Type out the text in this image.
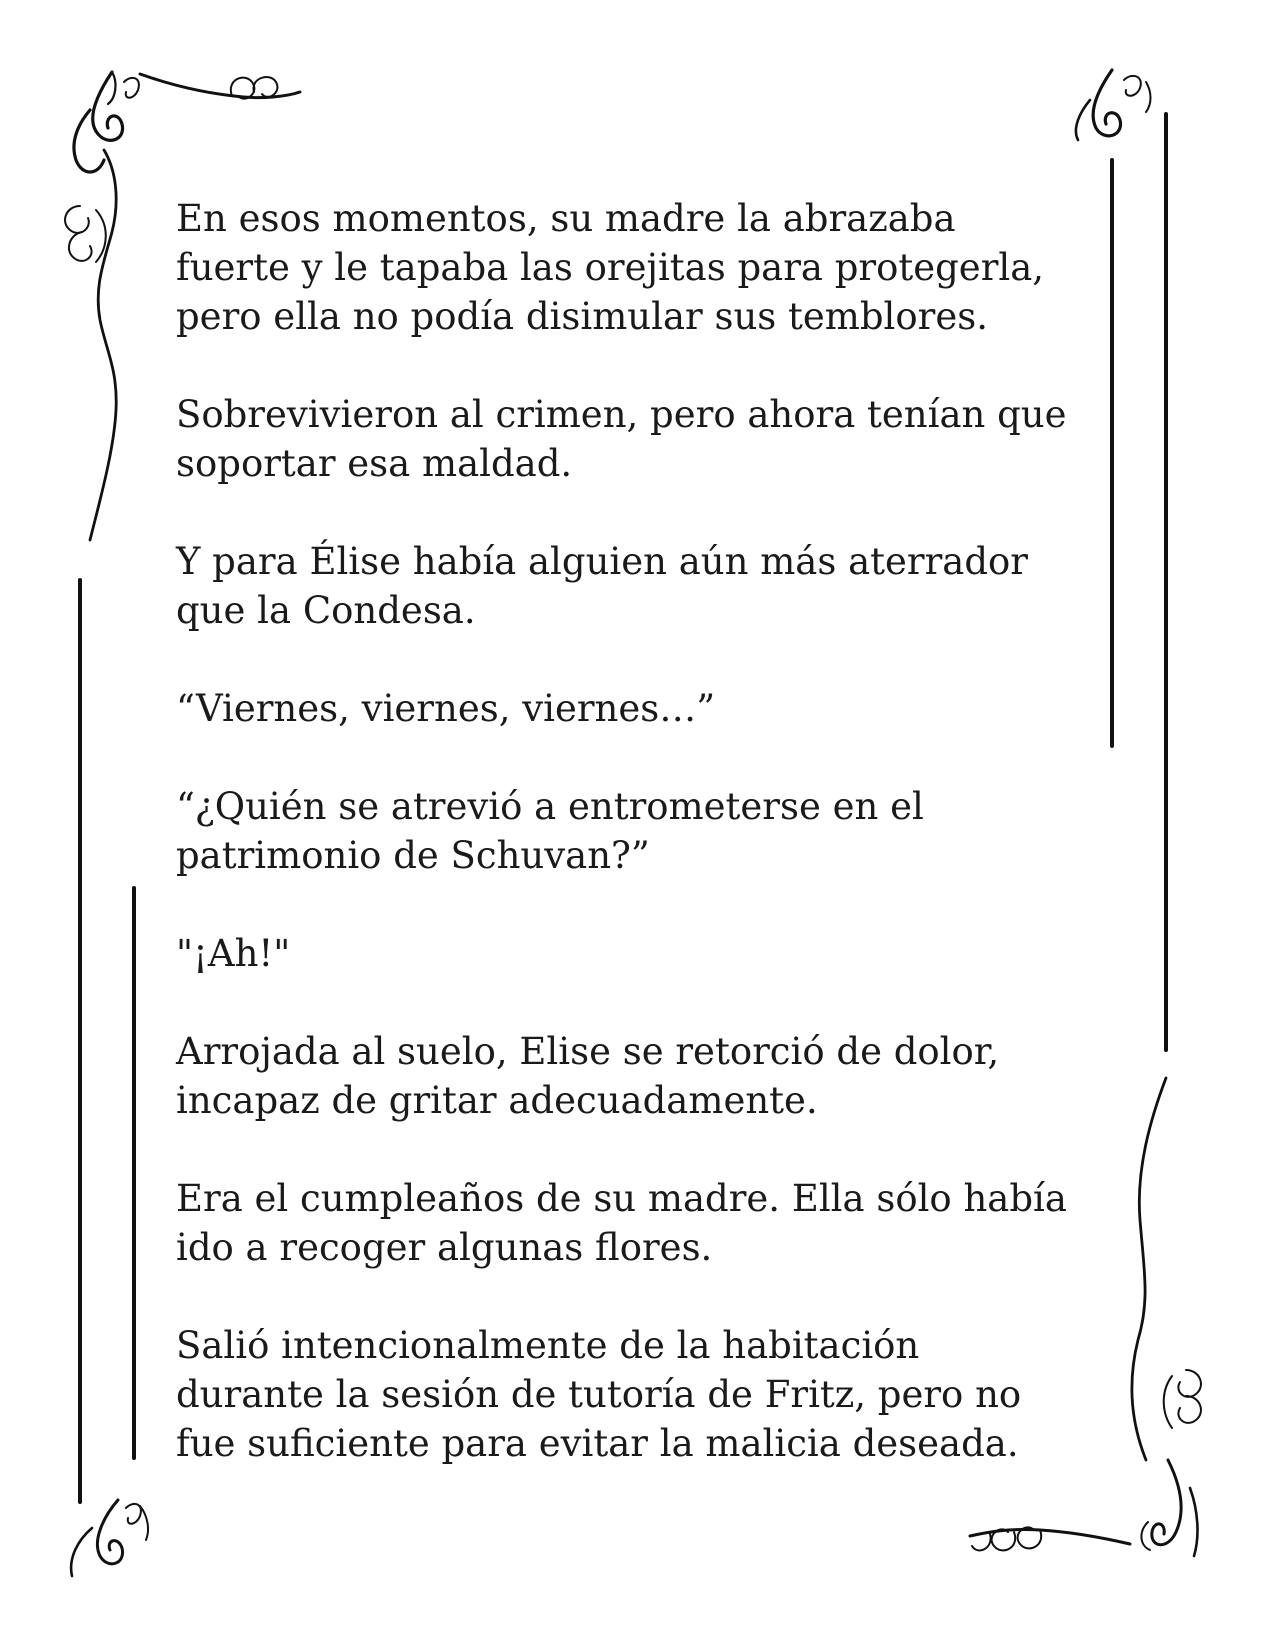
En esos momentos, su madre la abrazaba
fuerte y le tapaba las orejitas para protegerla,
pero ella no podía disimular sus temblores.

Sobrevivieron al crimen, pero ahora tenían que
soportar esa maldad.

Y para Élise había alguien aún más aterrador
que la Condesa.

“Viernes, viernes, viernes…”

“¿Quién se atrevió a entrometerse en el
patrimonio de Schuvan?”

"¡Ah!"

Arrojada al suelo, Elise se retorció de dolor,
incapaz de gritar adecuadamente.

Era el cumpleaños de su madre. Ella sólo había
ido a recoger algunas flores.

Salió intencionalmente de la habitación
durante la sesión de tutoría de Fritz, pero no
fue suficiente para evitar la malicia deseada.
